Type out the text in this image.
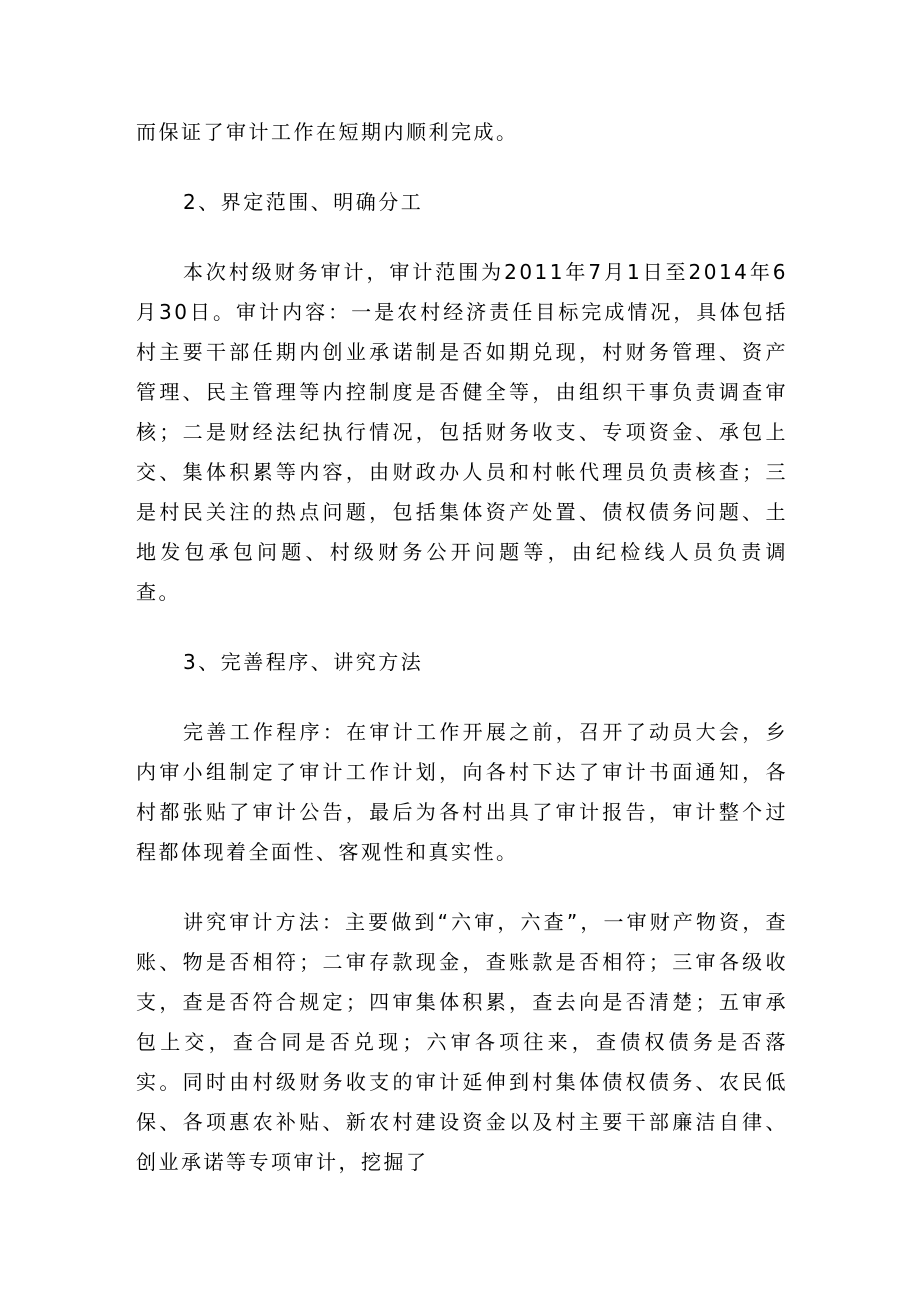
而保证了审计工作在短期内顺利完成。

2、界定范围、明确分工

本次村级财务审计，审计范围为2011年7月1日至2014年6月30日。审计内容：一是农村经济责任目标完成情况，具体包括村主要干部任期内创业承诺制是否如期兑现，村财务管理、资产管理、民主管理等内控制度是否健全等，由组织干事负责调查审核；二是财经法纪执行情况，包括财务收支、专项资金、承包上交、集体积累等内容，由财政办人员和村帐代理员负责核查；三是村民关注的热点问题，包括集体资产处置、债权债务问题、土地发包承包问题、村级财务公开问题等，由纪检线人员负责调查。

3、完善程序、讲究方法

完善工作程序：在审计工作开展之前，召开了动员大会，乡内审小组制定了审计工作计划，向各村下达了审计书面通知，各村都张贴了审计公告，最后为各村出具了审计报告，审计整个过程都体现着全面性、客观性和真实性。

讲究审计方法：主要做到“六审，六查”，一审财产物资，查账、物是否相符；二审存款现金，查账款是否相符；三审各级收支，查是否符合规定；四审集体积累，查去向是否清楚；五审承包上交，查合同是否兑现；六审各项往来，查债权债务是否落实。同时由村级财务收支的审计延伸到村集体债权债务、农民低保、各项惠农补贴、新农村建设资金以及村主要干部廉洁自律、创业承诺等专项审计，挖掘了
